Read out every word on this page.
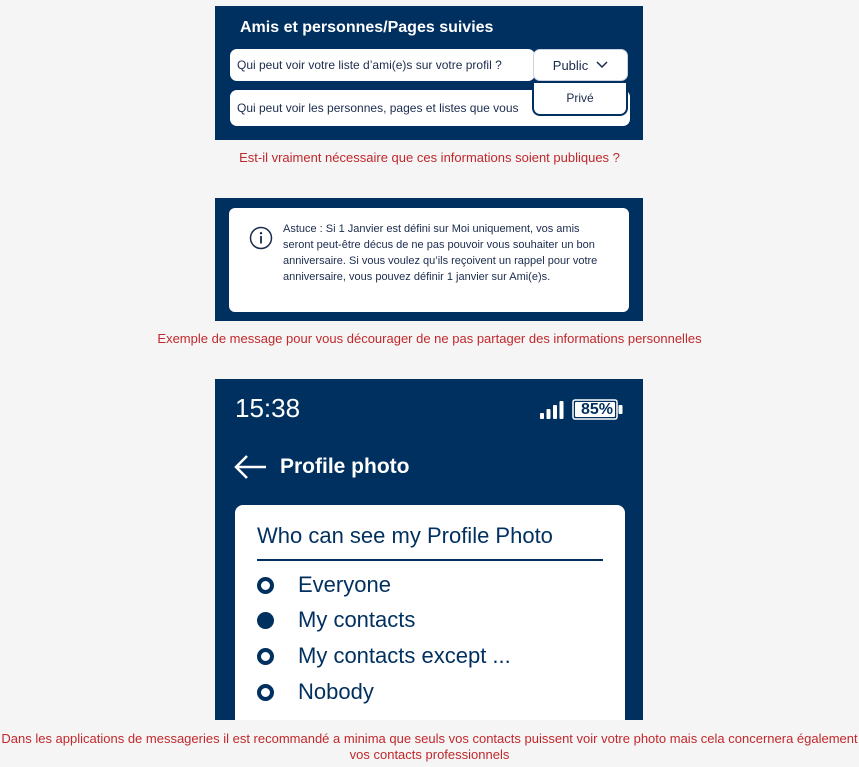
Amis et personnes/Pages suivies
Qui peut voir votre liste d’ami(e)s sur votre profil ?
Qui peut voir les personnes, pages et listes que vous
Public
Privé
Est-il vraiment nécessaire que ces informations soient publiques ?
Astuce : Si 1 Janvier est défini sur Moi uniquement, vos amis seront peut-être décus de ne pas pouvoir vous souhaiter un bon anniversaire. Si vous voulez qu’ils reçoivent un rappel pour votre anniversaire, vous pouvez définir 1 janvier sur Ami(e)s.
Exemple de message pour vous décourager de ne pas partager des informations personnelles
15:38	85%
Profile photo
Who can see my Profile Photo
Everyone
My contacts
My contacts except ...
Nobody
Dans les applications de messageries il est recommandé a minima que seuls vos contacts puissent voir votre photo mais cela concernera également vos contacts professionnels
